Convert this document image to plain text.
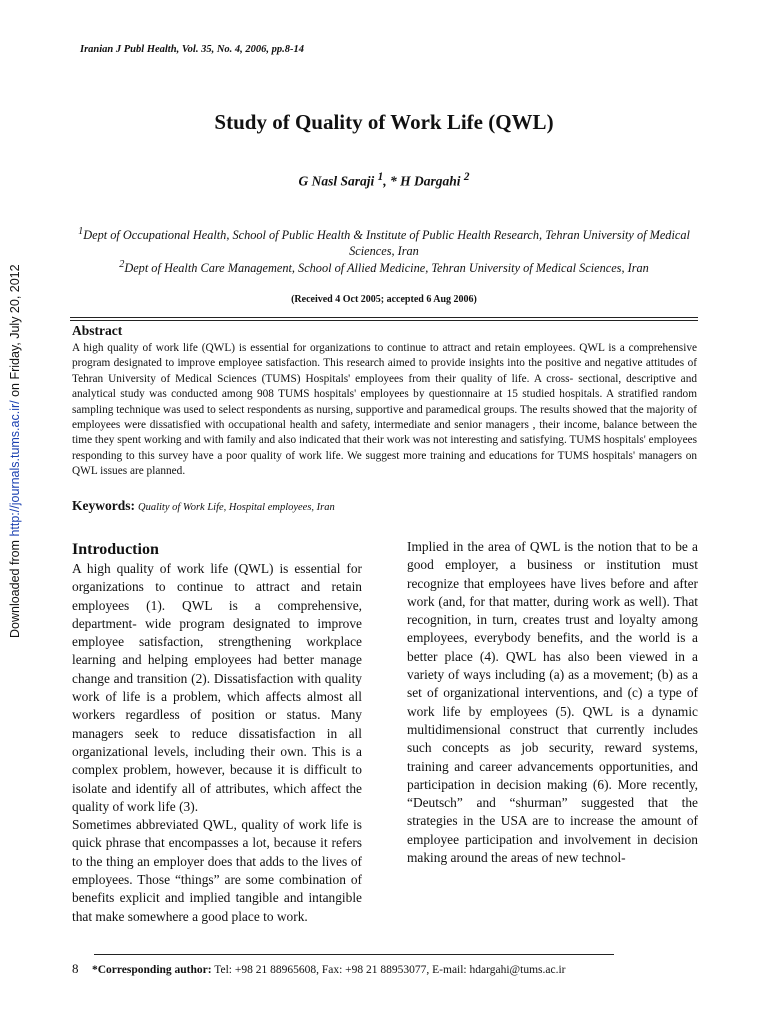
Iranian J Publ Health, Vol. 35, No. 4, 2006, pp.8-14
Study of Quality of Work Life (QWL)
G Nasl Saraji $^1$, * H Dargahi $^2$
$^1$Dept of Occupational Health, School of Public Health & Institute of Public Health Research, Tehran University of Medical Sciences, Iran
$^2$Dept of Health Care Management, School of Allied Medicine, Tehran University of Medical Sciences, Iran
(Received 4 Oct 2005; accepted 6 Aug 2006)
Abstract
A high quality of work life (QWL) is essential for organizations to continue to attract and retain employees. QWL is a comprehensive program designated to improve employee satisfaction. This research aimed to provide insights into the positive and negative attitudes of Tehran University of Medical Sciences (TUMS) Hospitals' employees from their quality of life. A cross- sectional, descriptive and analytical study was conducted among 908 TUMS hospitals' employees by questionnaire at 15 studied hospitals. A stratified random sampling technique was used to select respondents as nursing, supportive and paramedical groups. The results showed that the majority of employees were dissatisfied with occupational health and safety, intermediate and senior managers , their income, balance between the time they spent working and with family and also indicated that their work was not interesting and satisfying. TUMS hospitals' employees responding to this survey have a poor quality of work life. We suggest more training and educations for TUMS hospitals' managers on QWL issues are planned.
Keywords: Quality of Work Life, Hospital employees, Iran
Introduction

A high quality of work life (QWL) is essential for organizations to continue to attract and retain employees (1). QWL is a comprehensive, department- wide program designated to improve employee satisfaction, strengthening workplace learning and helping employees had better manage change and transition (2). Dissatisfaction with quality work of life is a problem, which affects almost all workers regardless of position or status. Many managers seek to reduce dissatisfaction in all organizational levels, including their own. This is a complex problem, however, because it is difficult to isolate and identify all of attributes, which affect the quality of work life (3).

Sometimes abbreviated QWL, quality of work life is quick phrase that encompasses a lot, because it refers to the thing an employer does that adds to the lives of employees. Those “things” are some combination of benefits explicit and implied tangible and intangible that make somewhere a good place to work.

Implied in the area of QWL is the notion that to be a good employer, a business or institution must recognize that employees have lives before and after work (and, for that matter, during work as well). That recognition, in turn, creates trust and loyalty among employees, everybody benefits, and the world is a better place (4). QWL has also been viewed in a variety of ways including (a) as a movement; (b) as a set of organizational interventions, and (c) a type of work life by employees (5). QWL is a dynamic multidimensional construct that currently includes such concepts as job security, reward systems, training and career advancements opportunities, and participation in decision making (6). More recently, “Deutsch” and “shurman” suggested that the strategies in the USA are to increase the amount of employee participation and involvement in decision making around the areas of new technol-

8 *Corresponding author: Tel: +98 21 88965608, Fax: +98 21 88953077, E-mail: hdargahi@tums.ac.ir
Downloaded from http://journals.tums.ac.ir/ on Friday, July 20, 2012
